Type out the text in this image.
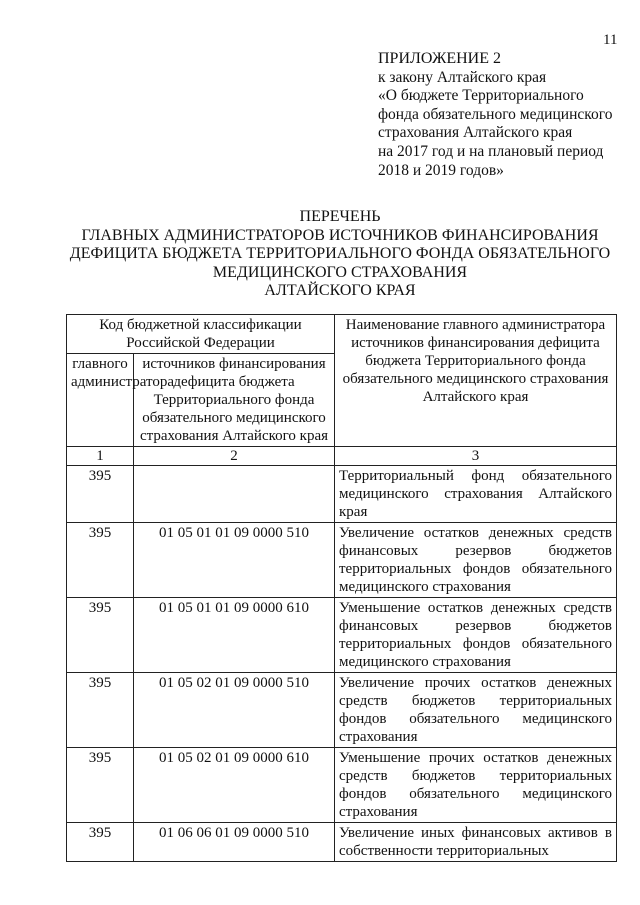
11
ПРИЛОЖЕНИЕ 2
к закону Алтайского края
«О бюджете Территориального
фонда обязательного медицинского
страхования Алтайского края
на 2017 год и на плановый период
2018 и 2019 годов»
ПЕРЕЧЕНЬ
ГЛАВНЫХ АДМИНИСТРАТОРОВ ИСТОЧНИКОВ ФИНАНСИРОВАНИЯ
ДЕФИЦИТА БЮДЖЕТА ТЕРРИТОРИАЛЬНОГО ФОНДА ОБЯЗАТЕЛЬНОГО
МЕДИЦИНСКОГО СТРАХОВАНИЯ
АЛТАЙСКОГО КРАЯ
Код бюджетной классификации Российской Федерации		Наименование главного администратора источников финансирования дефицита бюджета Территориального фонда обязательного медицинского страхования Алтайского края
главного администратора	источников финансирования дефицита бюджета Территориального фонда обязательного медицинского страхования Алтайского края	
1	2	3
395		Территориальный фонд обязательного медицинского страхования Алтайского края
395	01 05 01 01 09 0000 510	Увеличение остатков денежных средств финансовых резервов бюджетов территориальных фондов обязательного медицинского страхования
395	01 05 01 01 09 0000 610	Уменьшение остатков денежных средств финансовых резервов бюджетов территориальных фондов обязательного медицинского страхования
395	01 05 02 01 09 0000 510	Увеличение прочих остатков денежных средств бюджетов территориальных фондов обязательного медицинского страхования
395	01 05 02 01 09 0000 610	Уменьшение прочих остатков денежных средств бюджетов территориальных фондов обязательного медицинского страхования
395	01 06 06 01 09 0000 510	Увеличение иных финансовых активов в собственности территориальных
